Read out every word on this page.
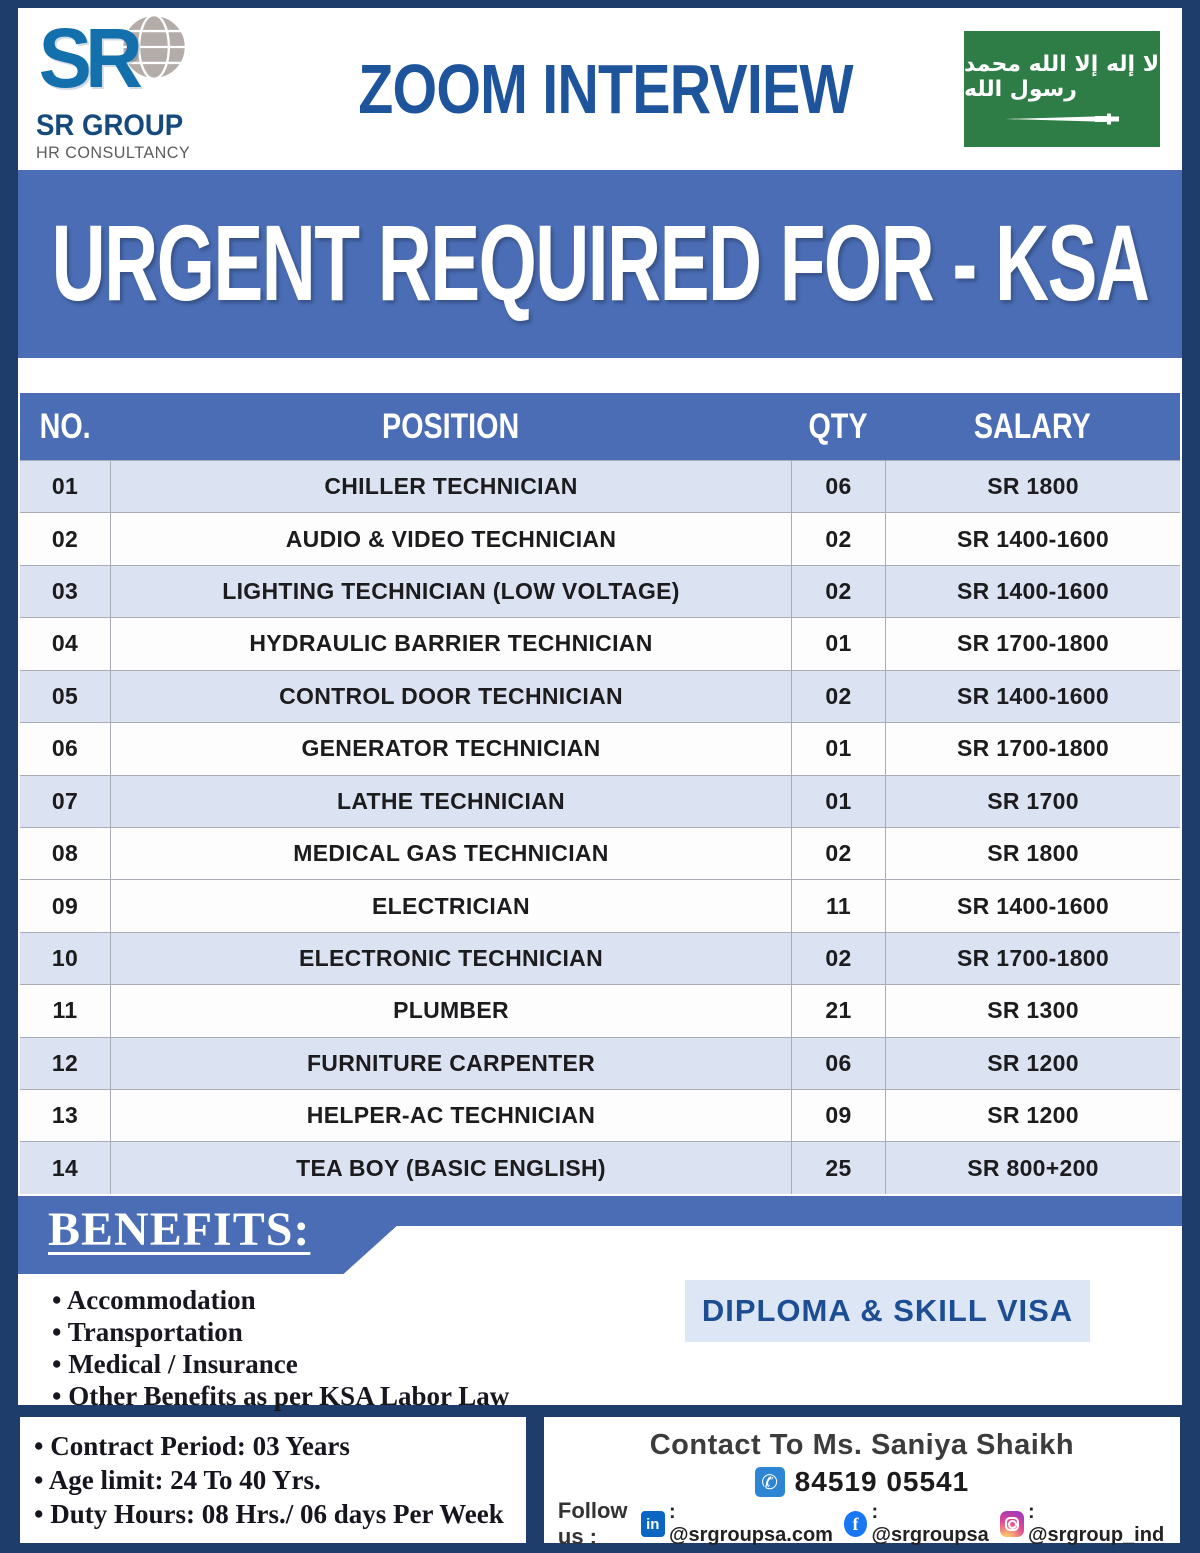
SR
SR GROUP
HR CONSULTANCY
ZOOM INTERVIEW	لا إله إلا الله محمد رسول الله
URGENT REQUIRED FOR - KSA
NO.	POSITION	QTY	SALARY
01	CHILLER TECHNICIAN	06	SR 1800
02	AUDIO & VIDEO TECHNICIAN	02	SR 1400-1600
03	LIGHTING TECHNICIAN (LOW VOLTAGE)	02	SR 1400-1600
04	HYDRAULIC BARRIER TECHNICIAN	01	SR 1700-1800
05	CONTROL DOOR TECHNICIAN	02	SR 1400-1600
06	GENERATOR TECHNICIAN	01	SR 1700-1800
07	LATHE TECHNICIAN	01	SR 1700
08	MEDICAL GAS TECHNICIAN	02	SR 1800
09	ELECTRICIAN	11	SR 1400-1600
10	ELECTRONIC TECHNICIAN	02	SR 1700-1800
11	PLUMBER	21	SR 1300
12	FURNITURE CARPENTER	06	SR 1200
13	HELPER-AC TECHNICIAN	09	SR 1200
14	TEA BOY (BASIC ENGLISH)	25	SR 800+200
BENEFITS:
• Accommodation
• Transportation
• Medical / Insurance
• Other Benefits as per KSA Labor Law
DIPLOMA & SKILL VISA
• Contract Period: 03 Years
• Age limit: 24 To 40 Yrs.
• Duty Hours: 08 Hrs./ 06 days Per Week
Contact To Ms. Saniya Shaikh
✆ 84519 05541
Follow us :	in
: @srgroupsa.com
f
: @srgroupsa
: @srgroup_ind
